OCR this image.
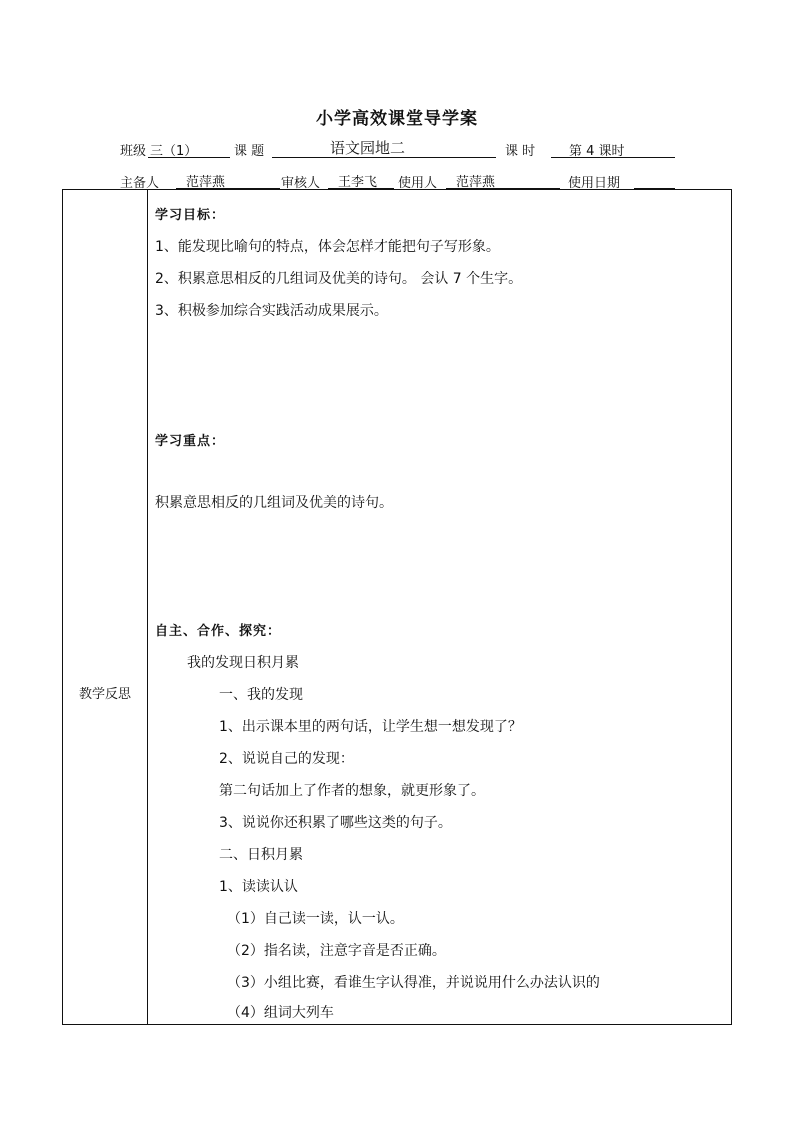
小学高效课堂导学案
班级 三（1）	课 题	语文园地二	课 时	第 4 课时
主备人 范萍燕	审核人 王李飞 使用人 范萍燕	使用日期
教学反思
学习目标：
1、能发现比喻句的特点，体会怎样才能把句子写形象。
2、积累意思相反的几组词及优美的诗句。 会认 7 个生字。
3、积极参加综合实践活动成果展示。
学习重点：
积累意思相反的几组词及优美的诗句。
自主、合作、探究：
我的发现日积月累
一、我的发现
1、出示课本里的两句话，让学生想一想发现了？
2、说说自己的发现：
第二句话加上了作者的想象，就更形象了。
3、说说你还积累了哪些这类的句子。
二、日积月累
1、读读认认
（1）自己读一读，认一认。
（2）指名读，注意字音是否正确。
（3）小组比赛，看谁生字认得准，并说说用什么办法认识的
（4）组词大列车
